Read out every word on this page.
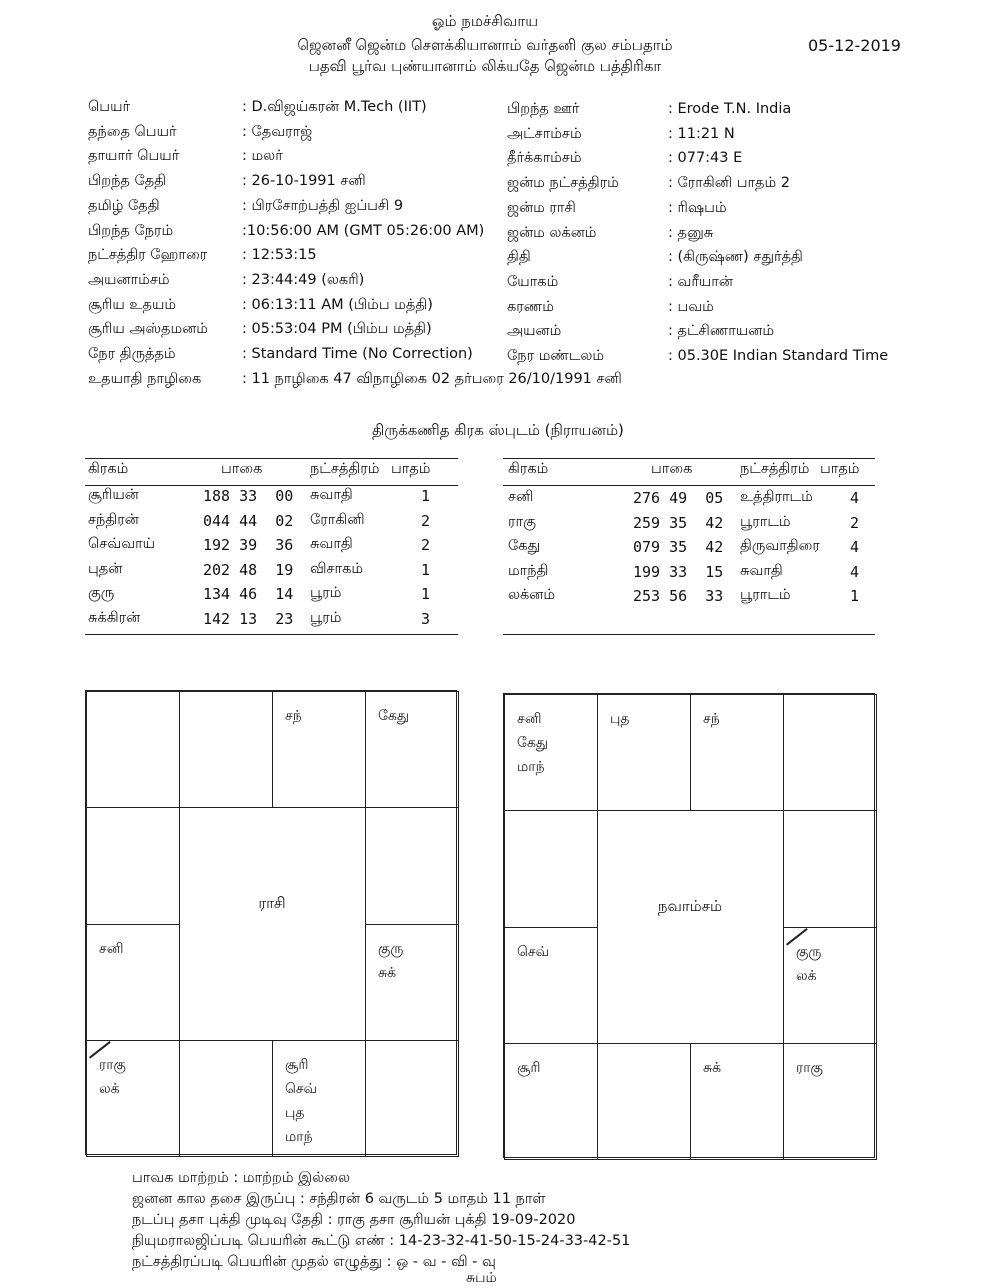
ஓம் நமச்சிவாய
ஜெனனீ ஜென்ம சௌக்கியானாம் வர்தனி குல சம்பதாம்
பதவி பூர்வ புண்யானாம் லிக்யதே ஜென்ம பத்திரிகா
05-12-2019
பெயர்	: D.விஜய்கரன் M.Tech (IIT)
தந்தை பெயர்	: தேவராஜ்
தாயார் பெயர்	: மலர்
பிறந்த தேதி	: 26-10-1991 சனி
தமிழ் தேதி	: பிரசோற்பத்தி ஐப்பசி 9
பிறந்த நேரம்	:10:56:00 AM (GMT 05:26:00 AM)
நட்சத்திர ஹோரை : 12:53:15
அயனாம்சம்	: 23:44:49 (லகரி)
சூரிய உதயம்	: 06:13:11 AM (பிம்ப மத்தி)
சூரிய அஸ்தமனம் : 05:53:04 PM (பிம்ப மத்தி)
நேர திருத்தம்	: Standard Time (No Correction)
உதயாதி நாழிகை	: 11 நாழிகை 47 விநாழிகை 02 தர்பரை 26/10/1991 சனி
பிறந்த ஊர்	: Erode T.N. India
அட்சாம்சம்	: 11:21 N
தீர்க்காம்சம்	: 077:43 E
ஜன்ம நட்சத்திரம்	: ரோகினி பாதம் 2
ஜன்ம ராசி	: ரிஷபம்
ஜன்ம லக்னம்	: தனுசு
திதி	: (கிருஷ்ண) சதுர்த்தி
யோகம்	: வரீயான்
கரணம்	: பவம்
அயனம்	: தட்சிணாயனம்
நேர மண்டலம்	: 05.30E Indian Standard Time
திருக்கணித கிரக ஸ்புடம் (நிராயனம்)
கிரகம்	பாகை	நட்சத்திரம் பாதம்
சூரியன்	188 33  00 சுவாதி	1
சந்திரன்	044 44  02 ரோகினி	2
செவ்வாய்	192 39  36 சுவாதி	2
புதன்	202 48  19 விசாகம்	1
குரு	134 46  14 பூரம்	1
சுக்கிரன்	142 13  23 பூரம்	3
கிரகம்	பாகை	நட்சத்திரம் பாதம்
சனி	276 49  05 உத்திராடம் 4
ராகு	259 35  42 பூராடம்	2
கேது	079 35  42 திருவாதிரை 4
மாந்தி	199 33  15 சுவாதி	4
லக்னம்	253 56  33 பூராடம்	1
சந்	கேது
குருசுக்
சூரிசெவ்
புதமாந்
ராகுலக்
சனி
ராசி
சனிகேது
மாந்
புத	சந்
குருலக்
ராகு
சுக்
சூரி
செவ்
நவாம்சம்
பாவக மாற்றம் : மாற்றம் இல்லை
ஜனன கால தசை இருப்பு : சந்திரன் 6 வருடம் 5 மாதம் 11 நாள்
நடப்பு தசா புக்தி முடிவு தேதி : ராகு தசா சூரியன் புக்தி 19-09-2020
நியுமராலஜிப்படி பெயரின் கூட்டு எண் : 14-23-32-41-50-15-24-33-42-51
நட்சத்திரப்படி பெயரின் முதல் எழுத்து : ஒ - வ - வி - வு
சுபம்
